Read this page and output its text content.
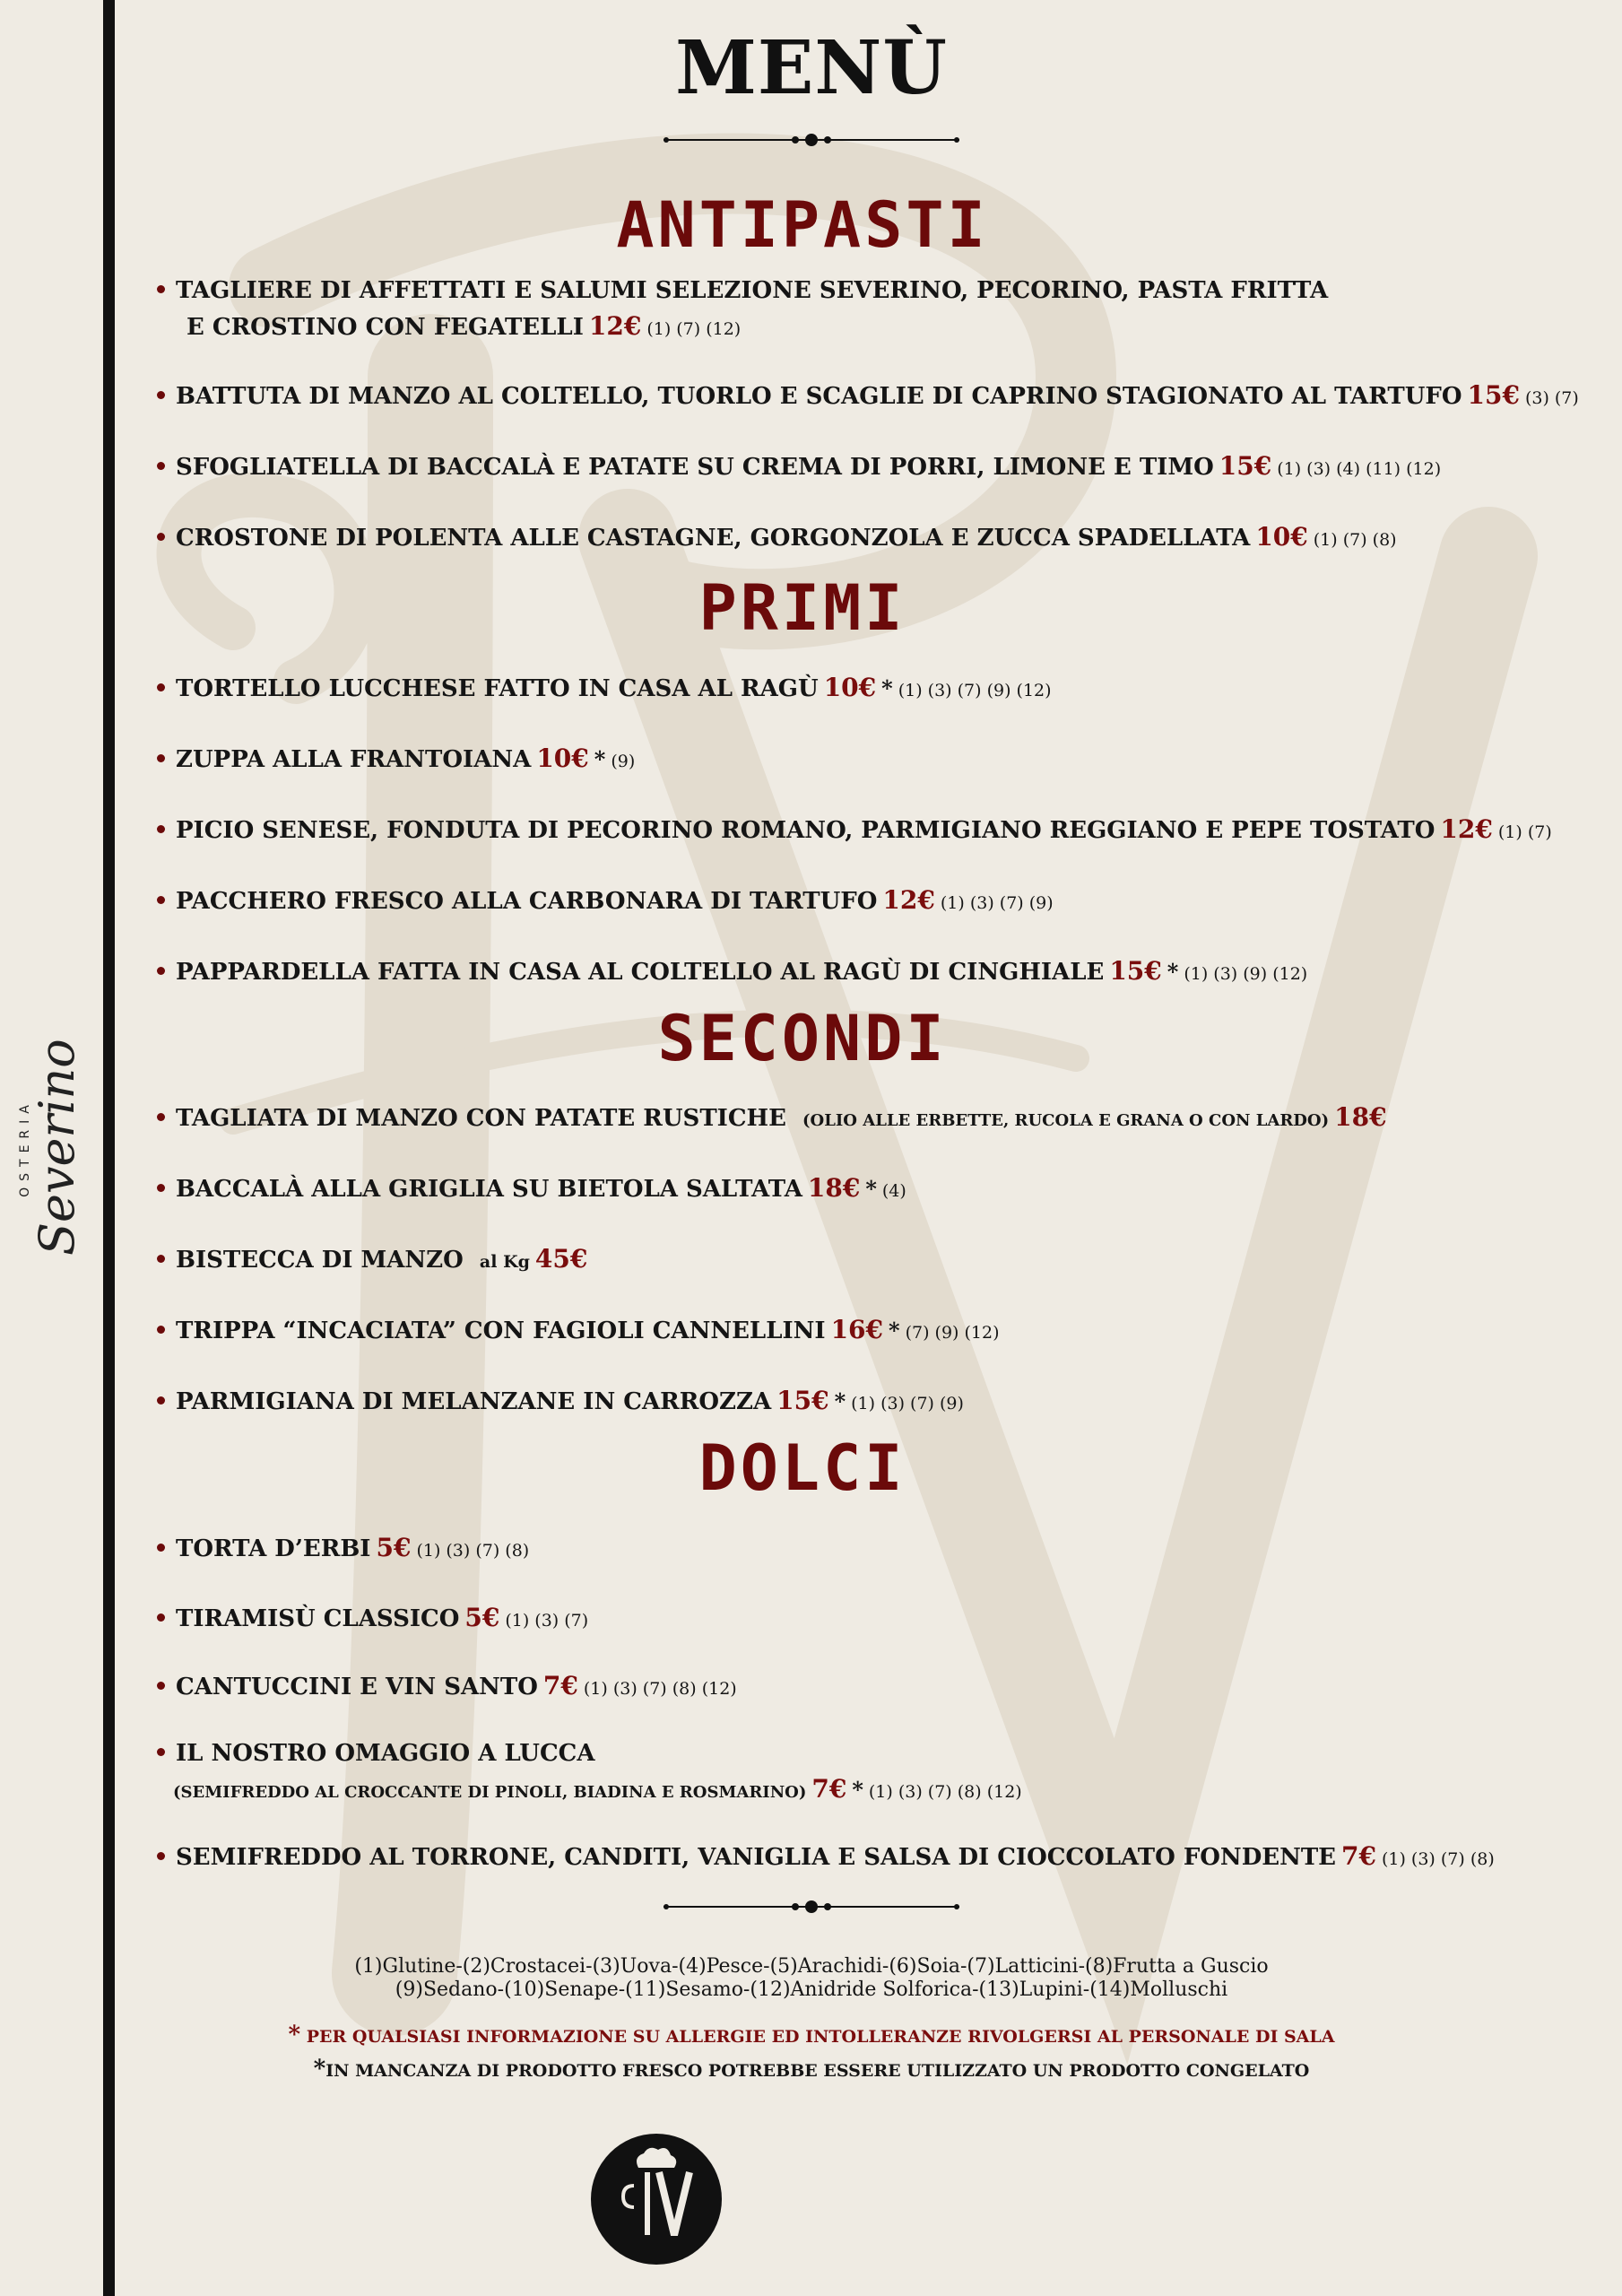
OSTERIA
Severino
MENÙ
ANTIPASTI
TAGLIERE DI AFFETTATI E SALUMI SELEZIONE SEVERINO, PECORINO, PASTA FRITTA
E CROSTINO CON FEGATELLI 12€ (1) (7) (12)
BATTUTA DI MANZO AL COLTELLO, TUORLO E SCAGLIE DI CAPRINO STAGIONATO AL TARTUFO 15€ (3) (7)
SFOGLIATELLA DI BACCALÀ E PATATE SU CREMA DI PORRI, LIMONE E TIMO 15€ (1) (3) (4) (11) (12)
CROSTONE DI POLENTA ALLE CASTAGNE, GORGONZOLA E ZUCCA SPADELLATA 10€ (1) (7) (8)
PRIMI
TORTELLO LUCCHESE FATTO IN CASA AL RAGÙ 10€ * (1) (3) (7) (9) (12)
ZUPPA ALLA FRANTOIANA 10€ * (9)
PICIO SENESE, FONDUTA DI PECORINO ROMANO, PARMIGIANO REGGIANO E PEPE TOSTATO 12€ (1) (7)
PACCHERO FRESCO ALLA CARBONARA DI TARTUFO 12€ (1) (3) (7) (9)
PAPPARDELLA FATTA IN CASA AL COLTELLO AL RAGÙ DI CINGHIALE 15€ * (1) (3) (9) (12)
SECONDI
TAGLIATA DI MANZO CON PATATE RUSTICHE (OLIO ALLE ERBETTE, RUCOLA E GRANA O CON LARDO) 18€
BACCALÀ ALLA GRIGLIA SU BIETOLA SALTATA 18€ * (4)
BISTECCA DI MANZO al Kg 45€
TRIPPA “INCACIATA” CON FAGIOLI CANNELLINI 16€ * (7) (9) (12)
PARMIGIANA DI MELANZANE IN CARROZZA 15€ * (1) (3) (7) (9)
DOLCI
TORTA D’ERBI 5€ (1) (3) (7) (8)
TIRAMISÙ CLASSICO 5€ (1) (3) (7)
CANTUCCINI E VIN SANTO 7€ (1) (3) (7) (8) (12)
IL NOSTRO OMAGGIO A LUCCA
(SEMIFREDDO AL CROCCANTE DI PINOLI, BIADINA E ROSMARINO) 7€ * (1) (3) (7) (8) (12)
SEMIFREDDO AL TORRONE, CANDITI, VANIGLIA E SALSA DI CIOCCOLATO FONDENTE 7€ (1) (3) (7) (8)
(1)Glutine-(2)Crostacei-(3)Uova-(4)Pesce-(5)Arachidi-(6)Soia-(7)Latticini-(8)Frutta a Guscio
(9)Sedano-(10)Senape-(11)Sesamo-(12)Anidride Solforica-(13)Lupini-(14)Molluschi
* PER QUALSIASI INFORMAZIONE SU ALLERGIE ED INTOLLERANZE RIVOLGERSI AL PERSONALE DI SALA
*IN MANCANZA DI PRODOTTO FRESCO POTREBBE ESSERE UTILIZZATO UN PRODOTTO CONGELATO
